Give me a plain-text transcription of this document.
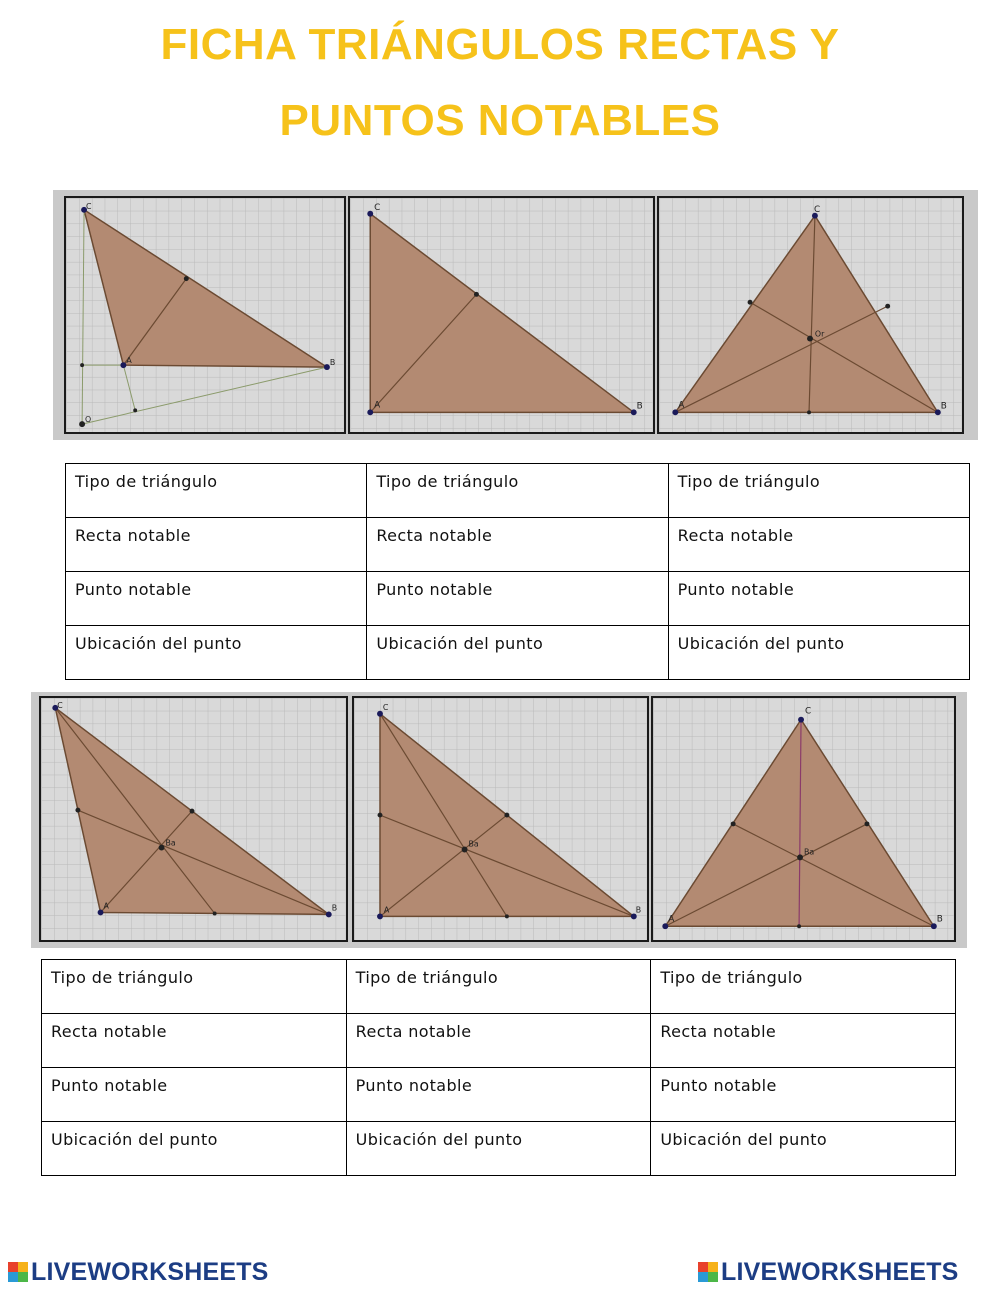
FICHA TRIÁNGULOS RECTAS Y
PUNTOS NOTABLES
C
A	B
O
C
A	B
C
A	B
Or
Tipo de triángulo	Tipo de triángulo	Tipo de triángulo
Recta notable	Recta notable	Recta notable
Punto notable	Punto notable	Punto notable
Ubicación del punto	Ubicación del punto	Ubicación del punto
C
A	B
Ba
C
A	B
Ba
C
A	B
Ba
Tipo de triángulo	Tipo de triángulo	Tipo de triángulo
Recta notable	Recta notable	Recta notable
Punto notable	Punto notable	Punto notable
Ubicación del punto	Ubicación del punto	Ubicación del punto
LIVEWORKSHEETS	LIVEWORKSHEETS
